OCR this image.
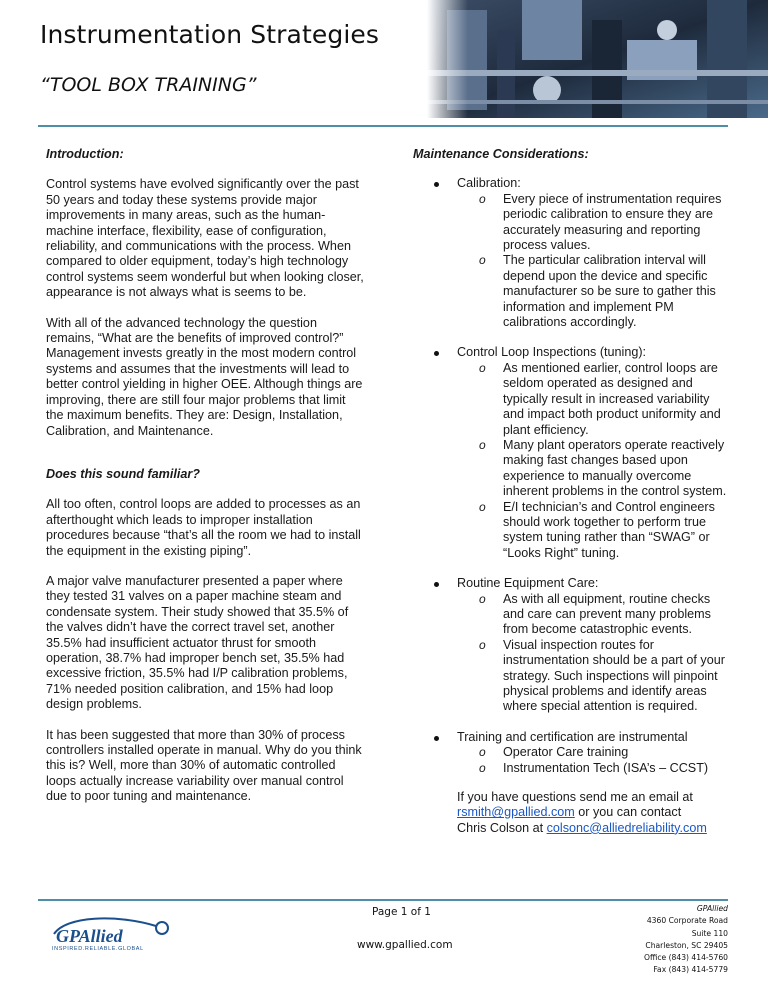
Instrumentation Strategies
“TOOL BOX TRAINING”
Introduction:

Control systems have evolved significantly over the past 50 years and today these systems provide major improvements in many areas, such as the human-machine interface, flexibility, ease of configuration, reliability, and communications with the process. When compared to older equipment, today’s high technology control systems seem wonderful but when looking closer, appearance is not always what is seems to be.

With all of the advanced technology the question remains, “What are the benefits of improved control?” Management invests greatly in the most modern control systems and assumes that the investments will lead to better control yielding in higher OEE. Although things are improving, there are still four major problems that limit the maximum benefits. They are: Design, Installation, Calibration, and Maintenance.

Does this sound familiar?

All too often, control loops are added to processes as an afterthought which leads to improper installation procedures because “that’s all the room we had to install the equipment in the existing piping”.

A major valve manufacturer presented a paper where they tested 31 valves on a paper machine steam and condensate system. Their study showed that 35.5% of the valves didn’t have the correct travel set, another 35.5% had insufficient actuator thrust for smooth operation, 38.7% had improper bench set, 35.5% had excessive friction, 35.5% had I/P calibration problems, 71% needed position calibration, and 15% had loop design problems.

It has been suggested that more than 30% of process controllers installed operate in manual. Why do you think this is? Well, more than 30% of automatic controlled loops actually increase variability over manual control due to poor tuning and maintenance.

Maintenance Considerations:
Calibration:
o Every piece of instrumentation requires periodic calibration to ensure they are accurately measuring and reporting process values.
o The particular calibration interval will depend upon the device and specific manufacturer so be sure to gather this information and implement PM calibrations accordingly.
Control Loop Inspections (tuning):
o As mentioned earlier, control loops are seldom operated as designed and typically result in increased variability and impact both product uniformity and plant efficiency.
o Many plant operators operate reactively making fast changes based upon experience to manually overcome inherent problems in the control system.
o E/I technician’s and Control engineers should work together to perform true system tuning rather than “SWAG” or “Looks Right” tuning.
Routine Equipment Care:
o As with all equipment, routine checks and care can prevent many problems from become catastrophic events.
o Visual inspection routes for instrumentation should be a part of your strategy. Such inspections will pinpoint physical problems and identify areas where special attention is required.
Training and certification are instrumental
o Operator Care training
o Instrumentation Tech (ISA’s – CCST)
If you have questions send me an email at
rsmith@gpallied.com or you can contact
Chris Colson at colsonc@alliedreliability.com
GPAllied
INSPIRED.RELIABLE.GLOBAL
Page 1 of 1
www.gpallied.com
GPAllied
4360 Corporate Road
Suite 110
Charleston, SC 29405
Office (843) 414-5760
Fax (843) 414-5779
